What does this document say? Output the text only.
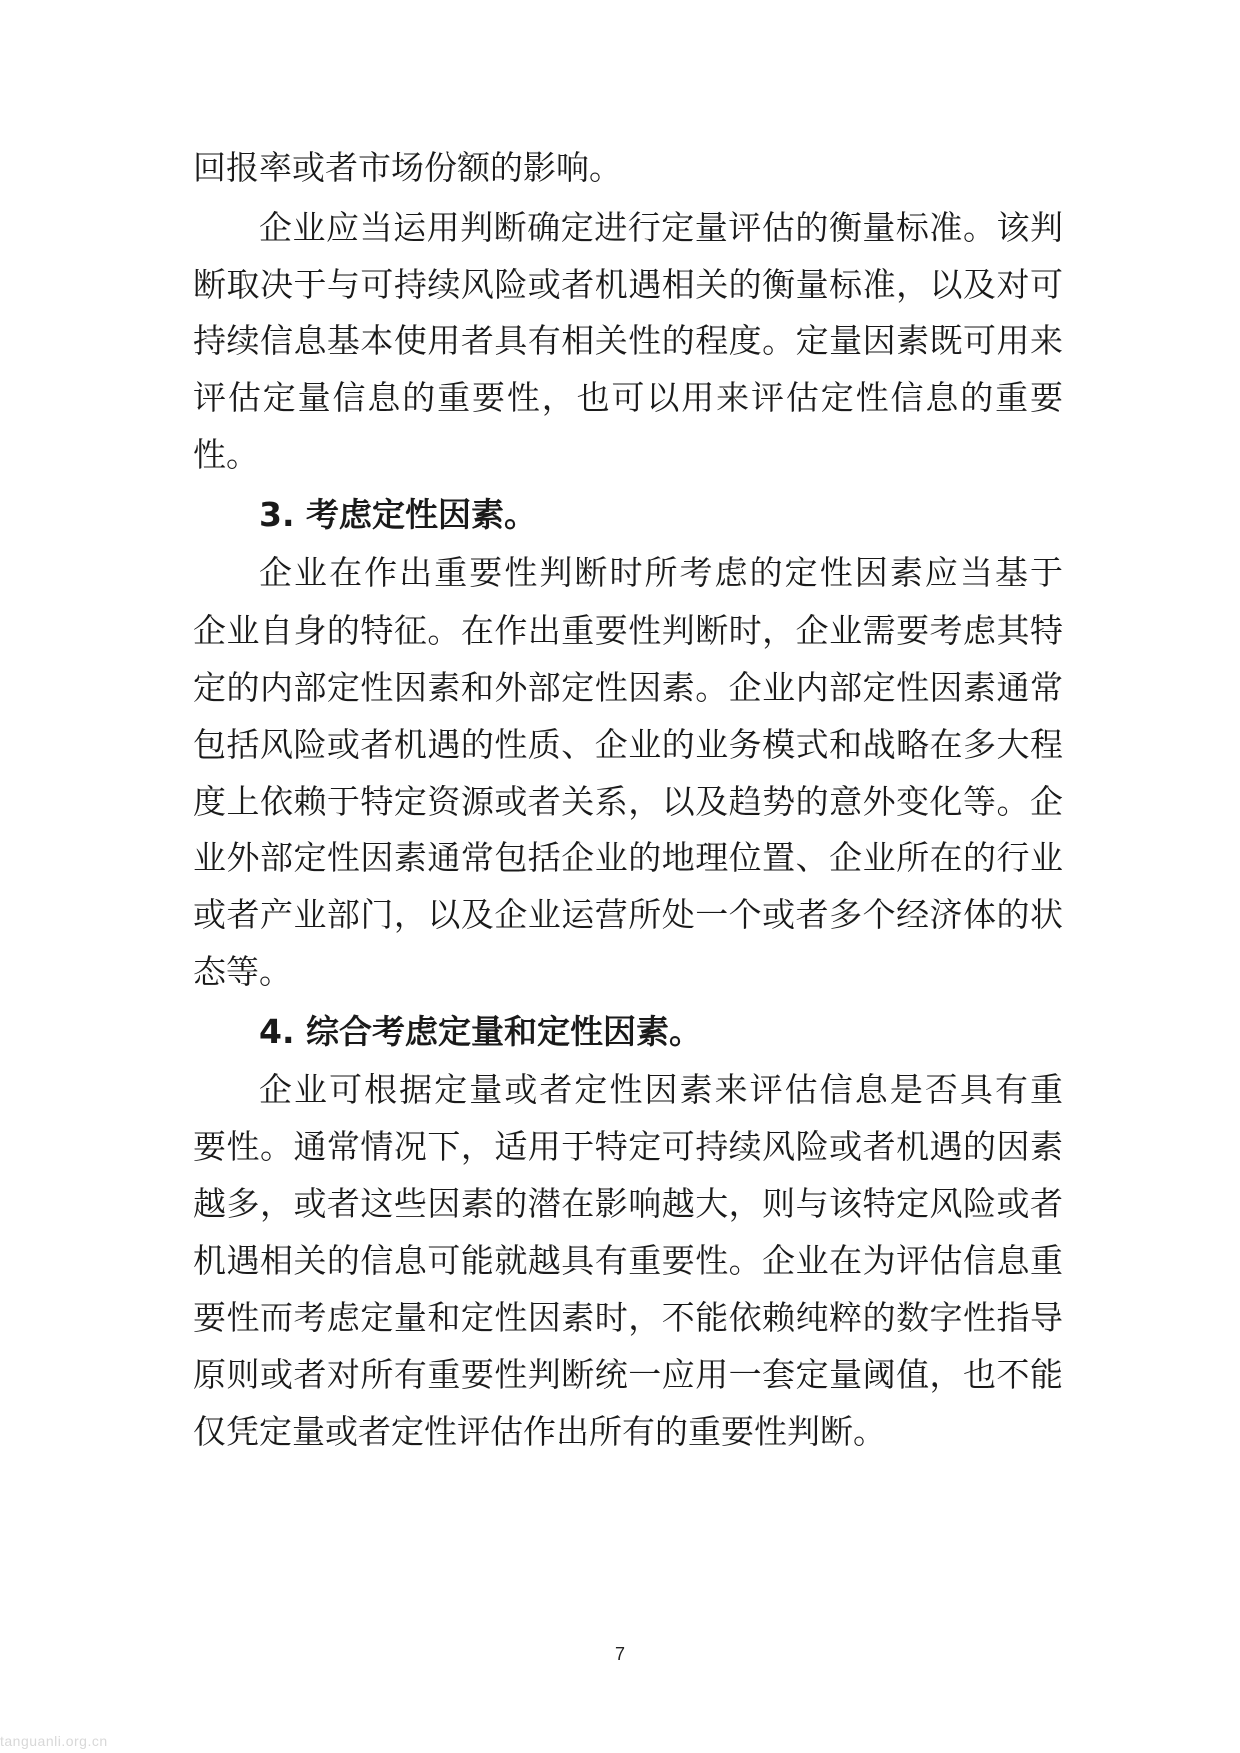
回报率或者市场份额的影响。

企业应当运用判断确定进行定量评估的衡量标准。该判

断取决于与可持续风险或者机遇相关的衡量标准，以及对可

持续信息基本使用者具有相关性的程度。定量因素既可用来

评估定量信息的重要性，也可以用来评估定性信息的重要

性。

3. 考虑定性因素。

企业在作出重要性判断时所考虑的定性因素应当基于

企业自身的特征。在作出重要性判断时，企业需要考虑其特

定的内部定性因素和外部定性因素。企业内部定性因素通常

包括风险或者机遇的性质、企业的业务模式和战略在多大程

度上依赖于特定资源或者关系，以及趋势的意外变化等。企

业外部定性因素通常包括企业的地理位置、企业所在的行业

或者产业部门，以及企业运营所处一个或者多个经济体的状

态等。

4. 综合考虑定量和定性因素。

企业可根据定量或者定性因素来评估信息是否具有重

要性。通常情况下，适用于特定可持续风险或者机遇的因素

越多，或者这些因素的潜在影响越大，则与该特定风险或者

机遇相关的信息可能就越具有重要性。企业在为评估信息重

要性而考虑定量和定性因素时，不能依赖纯粹的数字性指导

原则或者对所有重要性判断统一应用一套定量阈值，也不能

仅凭定量或者定性评估作出所有的重要性判断。

7
tanguanli.org.cn
